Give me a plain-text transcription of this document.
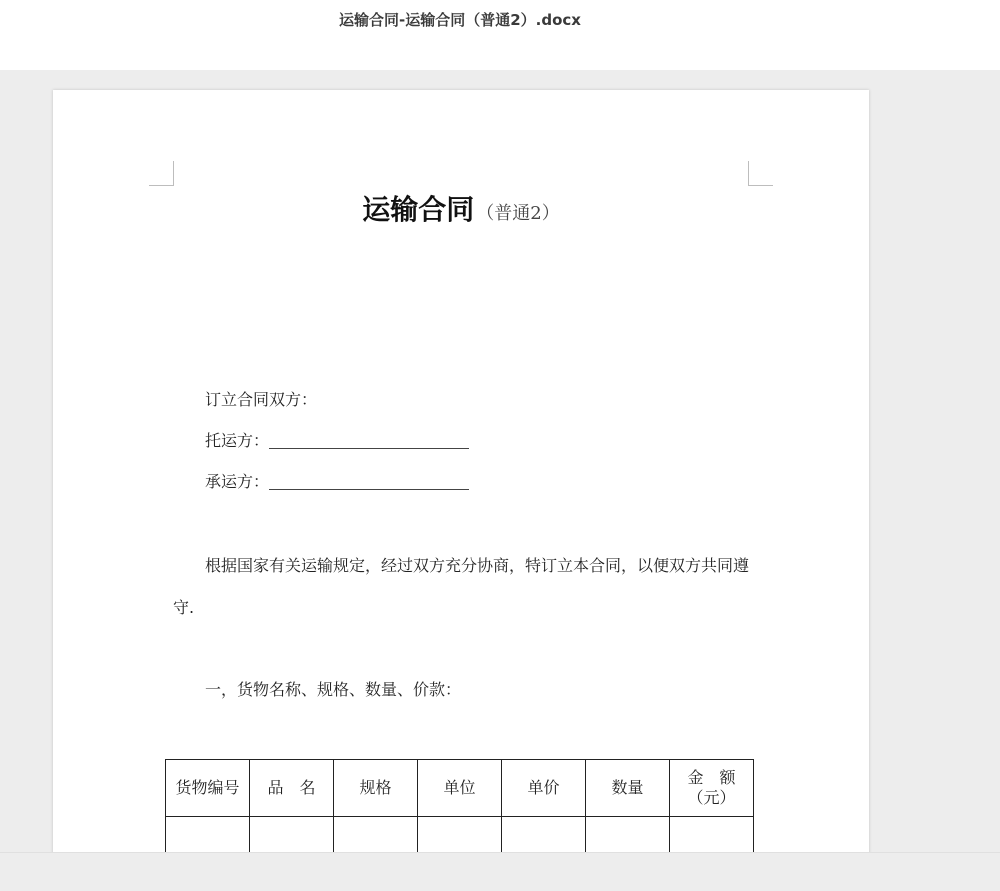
运输合同-运输合同（普通2）.docx
运输合同 （普通2）
订立合同双方：
托运方：
承运方：
根据国家有关运输规定，经过双方充分协商，特订立本合同，以便双方共同遵
守.
一，货物名称、规格、数量、价款：
货物编号	品　名	规格	单位	单价	数量	金　额
（元）
